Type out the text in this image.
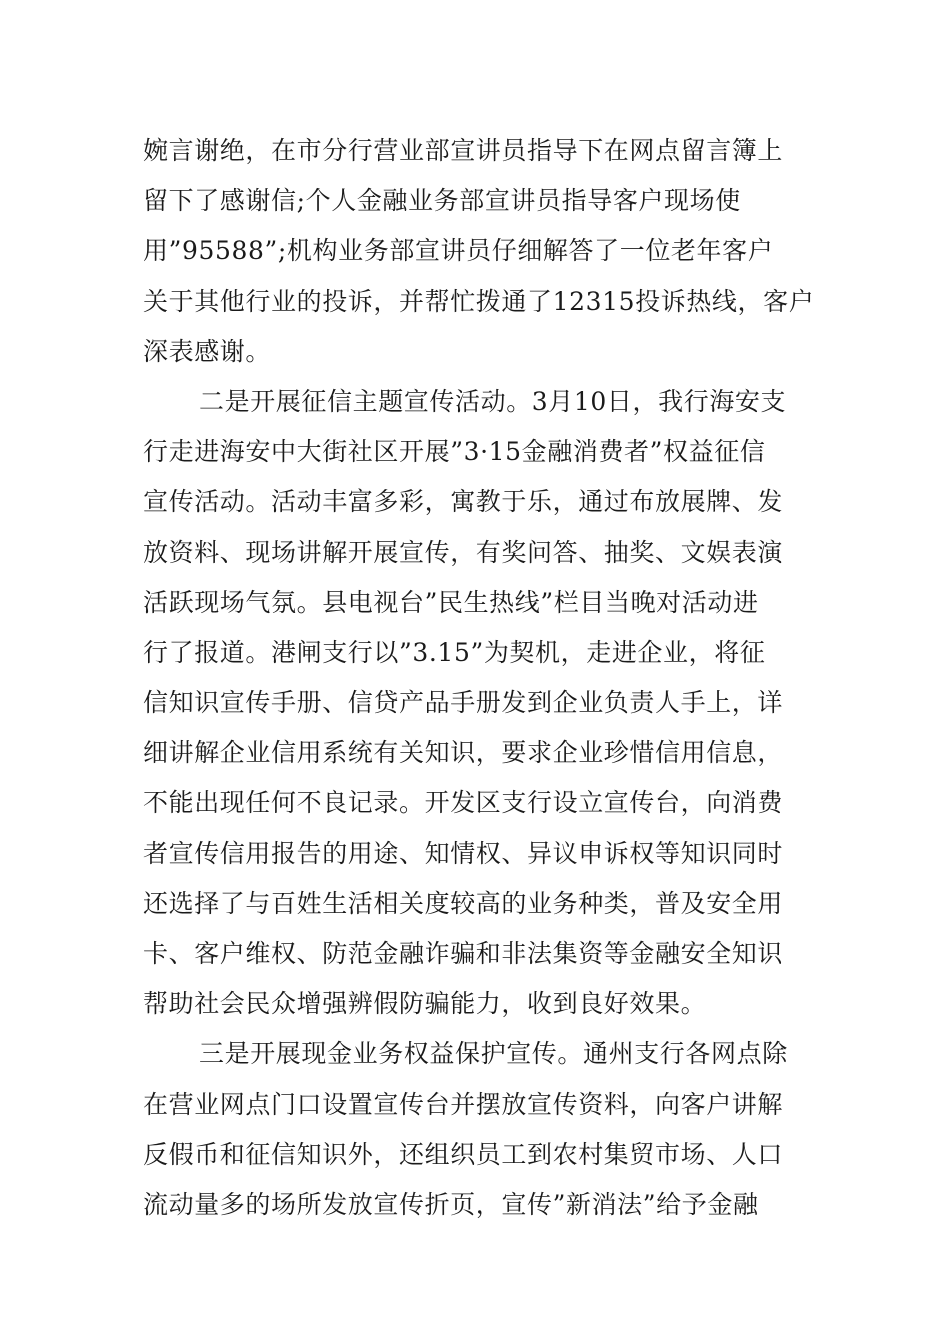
婉言谢绝，在市分行营业部宣讲员指导下在网点留言簿上
留下了感谢信;个人金融业务部宣讲员指导客户现场使
用”95588”;机构业务部宣讲员仔细解答了一位老年客户
关于其他行业的投诉，并帮忙拨通了12315投诉热线，客户
深表感谢。
二是开展征信主题宣传活动。3月10日，我行海安支
行走进海安中大街社区开展”3·15金融消费者”权益征信
宣传活动。活动丰富多彩，寓教于乐，通过布放展牌、发
放资料、现场讲解开展宣传，有奖问答、抽奖、文娱表演
活跃现场气氛。县电视台”民生热线”栏目当晚对活动进
行了报道。港闸支行以”3.15”为契机，走进企业，将征
信知识宣传手册、信贷产品手册发到企业负责人手上，详
细讲解企业信用系统有关知识，要求企业珍惜信用信息，
不能出现任何不良记录。开发区支行设立宣传台，向消费
者宣传信用报告的用途、知情权、异议申诉权等知识同时
还选择了与百姓生活相关度较高的业务种类，普及安全用
卡、客户维权、防范金融诈骗和非法集资等金融安全知识
帮助社会民众增强辨假防骗能力，收到良好效果。
三是开展现金业务权益保护宣传。通州支行各网点除
在营业网点门口设置宣传台并摆放宣传资料，向客户讲解
反假币和征信知识外，还组织员工到农村集贸市场、人口
流动量多的场所发放宣传折页，宣传”新消法”给予金融
